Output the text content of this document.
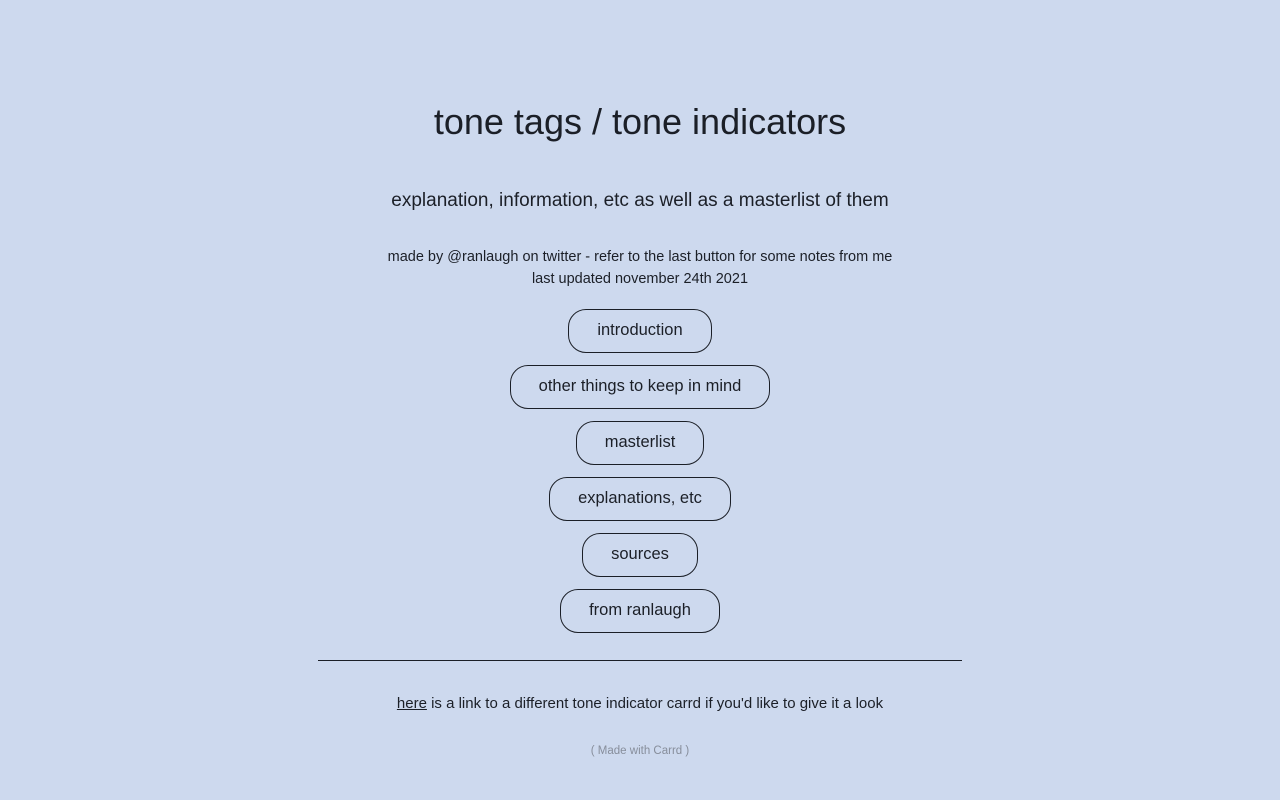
tone tags / tone indicators
explanation, information, etc as well as a masterlist of them
made by @ranlaugh on twitter - refer to the last button for some notes from me
last updated november 24th 2021
introduction
other things to keep in mind
masterlist
explanations, etc
sources
from ranlaugh
here is a link to a different tone indicator carrd if you'd like to give it a look
( Made with Carrd )
